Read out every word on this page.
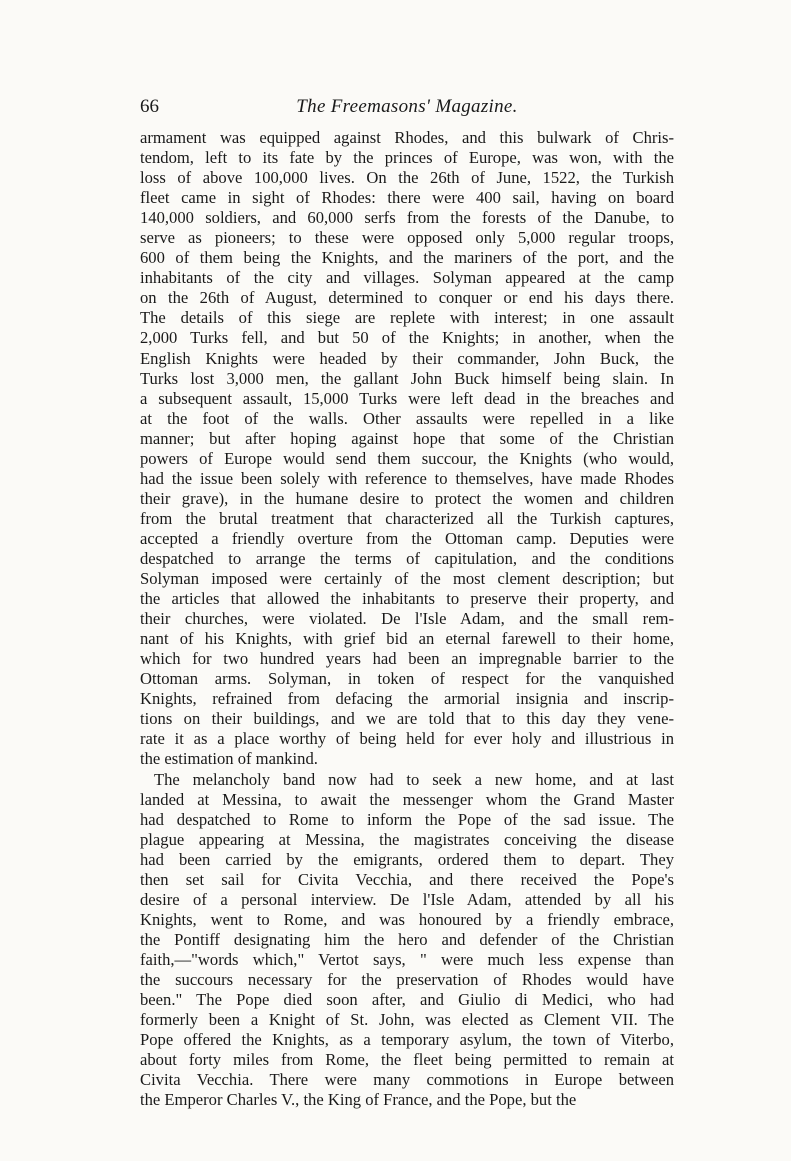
66	The Freemasons' Magazine.
armament was equipped against Rhodes, and this bulwark of Chris-
tendom, left to its fate by the princes of Europe, was won, with the
loss of above 100,000 lives. On the 26th of June, 1522, the Turkish
fleet came in sight of Rhodes: there were 400 sail, having on board
140,000 soldiers, and 60,000 serfs from the forests of the Danube, to
serve as pioneers; to these were opposed only 5,000 regular troops,
600 of them being the Knights, and the mariners of the port, and the
inhabitants of the city and villages. Solyman appeared at the camp
on the 26th of August, determined to conquer or end his days there.
The details of this siege are replete with interest; in one assault
2,000 Turks fell, and but 50 of the Knights; in another, when the
English Knights were headed by their commander, John Buck, the
Turks lost 3,000 men, the gallant John Buck himself being slain. In
a subsequent assault, 15,000 Turks were left dead in the breaches and
at the foot of the walls. Other assaults were repelled in a like
manner; but after hoping against hope that some of the Christian
powers of Europe would send them succour, the Knights (who would,
had the issue been solely with reference to themselves, have made Rhodes
their grave), in the humane desire to protect the women and children
from the brutal treatment that characterized all the Turkish captures,
accepted a friendly overture from the Ottoman camp. Deputies were
despatched to arrange the terms of capitulation, and the conditions
Solyman imposed were certainly of the most clement description; but
the articles that allowed the inhabitants to preserve their property, and
their churches, were violated. De l'Isle Adam, and the small rem-
nant of his Knights, with grief bid an eternal farewell to their home,
which for two hundred years had been an impregnable barrier to the
Ottoman arms. Solyman, in token of respect for the vanquished
Knights, refrained from defacing the armorial insignia and inscrip-
tions on their buildings, and we are told that to this day they vene-
rate it as a place worthy of being held for ever holy and illustrious in
the estimation of mankind.
The melancholy band now had to seek a new home, and at last
landed at Messina, to await the messenger whom the Grand Master
had despatched to Rome to inform the Pope of the sad issue. The
plague appearing at Messina, the magistrates conceiving the disease
had been carried by the emigrants, ordered them to depart. They
then set sail for Civita Vecchia, and there received the Pope's
desire of a personal interview. De l'Isle Adam, attended by all his
Knights, went to Rome, and was honoured by a friendly embrace,
the Pontiff designating him the hero and defender of the Christian
faith,—"words which," Vertot says, " were much less expense than
the succours necessary for the preservation of Rhodes would have
been." The Pope died soon after, and Giulio di Medici, who had
formerly been a Knight of St. John, was elected as Clement VII. The
Pope offered the Knights, as a temporary asylum, the town of Viterbo,
about forty miles from Rome, the fleet being permitted to remain at
Civita Vecchia. There were many commotions in Europe between
the Emperor Charles V., the King of France, and the Pope, but the
